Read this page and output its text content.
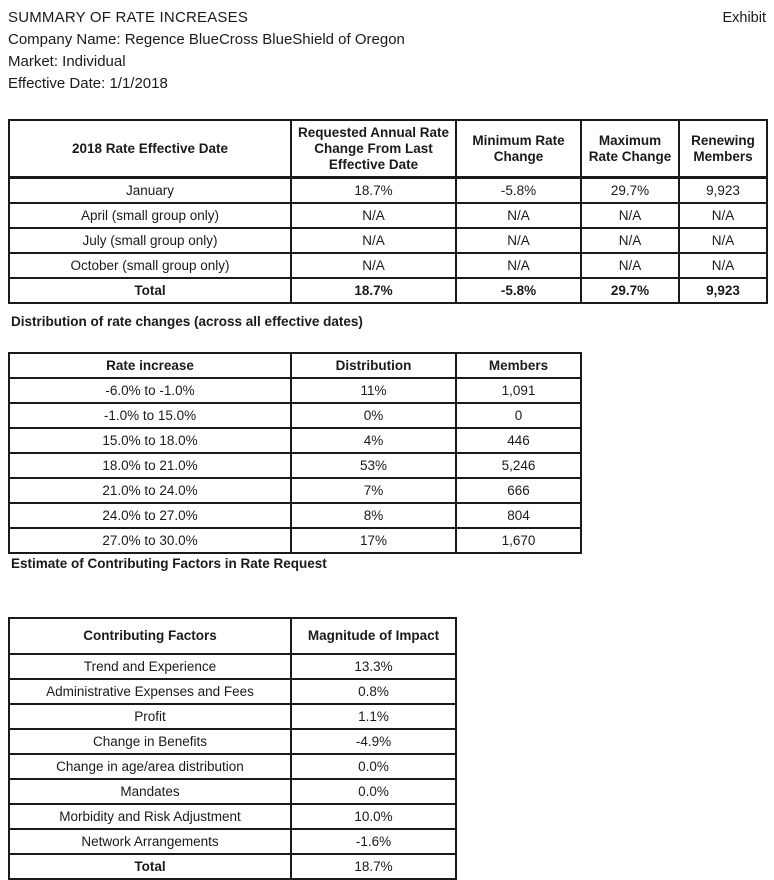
SUMMARY OF RATE INCREASES	Exhibit
Company Name: Regence BlueCross BlueShield of Oregon
Market: Individual
Effective Date: 1/1/2018
2018 Rate Effective Date	Requested Annual Rate Change From Last Effective Date	Minimum Rate Change	Maximum Rate Change	Renewing Members
January	18.7%	-5.8%	29.7%	9,923
April (small group only)	N/A	N/A	N/A	N/A
July (small group only)	N/A	N/A	N/A	N/A
October (small group only)	N/A	N/A	N/A	N/A
Total	18.7%	-5.8%	29.7%	9,923
Distribution of rate changes (across all effective dates)
Rate increase	Distribution	Members
-6.0% to -1.0%	11%	1,091
-1.0% to 15.0%	0%	0
15.0% to 18.0%	4%	446
18.0% to 21.0%	53%	5,246
21.0% to 24.0%	7%	666
24.0% to 27.0%	8%	804
27.0% to 30.0%	17%	1,670
Estimate of Contributing Factors in Rate Request
Contributing Factors	Magnitude of Impact
Trend and Experience	13.3%
Administrative Expenses and Fees	0.8%
Profit	1.1%
Change in Benefits	-4.9%
Change in age/area distribution	0.0%
Mandates	0.0%
Morbidity and Risk Adjustment	10.0%
Network Arrangements	-1.6%
Total	18.7%
